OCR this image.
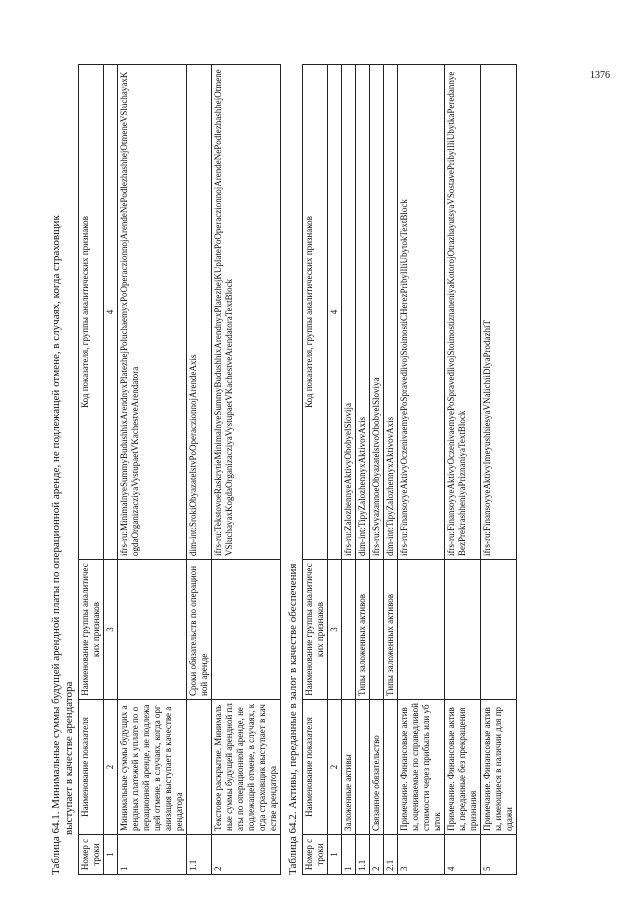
1376

Таблица 64.1. Минимальные суммы будущей арендной платы по операционной аренде, не подлежащей отмене, в случаях, когда страховщик выступает в качестве арендатора

Номер строки	Наименование показателя	Наименование группы аналитических признаков	Код показателя, группы аналитических признаков
1	2	3	4
1	Минимальные суммы будущих арендных платежей к уплате по операционной аренде, не подлежащей отмене, в случаях, когда организация выступает в качестве арендатора		ifrs-ru:MinimalnyeSummyBudushhixArendnyxPlatezhejPoluchaemyxPoOperaczionnojArendeNePodlezhashhejOtmeneVSluchayaxKogdaOrganizacziyaVystupaetVKachestveArendatora
1.1		Сроки обязательств по операционной аренде	dim-int:SrokiObyazatelstvPoOperaczionnojArendeAxis
2	Текстовое раскрытие. Минимальные суммы будущей арендной платы по операционной аренде, не подлежащей отмене, в случаях, когда страховщик выступает в качестве арендатора		ifrs-ru:TekstovoeRaskrytieMinimalnyeSummyBudushhixArendnyxPlatezhejKUplatePoOperaczionnojArendeNePodlezhashhejOtmeneVSluchayaxKogdaOrganizacziyaVystupaetVKachestveArendatoraTextBlock

Таблица 64.2. Активы, переданные в залог в качестве обеспечения Номер строки	Наименование показателя	Наименование группы аналитических признаков	Код показателя, группы аналитических признаков
1	2	3	4
1	Заложенные активы		ifrs-ru:ZalozhennyeAktivyObobyelSlovija
1.1		Типы заложенных активов	dim-int:TipyZalozhennyxAktivovAxis
2	Связанное обязательство		ifrs-ru:SvyazannoeObyazatelstvoObobyelSloviya
2.1		Типы заложенных активов	dim-int:TipyZalozhennyxAktivovAxis
3	Примечание. Финансовые активы, оцениваемые по справедливой стоимости через прибыль или убыток		ifrs-ru:FinansoyyeAktivyOczenivaemyePoSpravedlivojStoimostiCHerezPribylIliUbytokTextBlock
4	Примечание. Финансовые активы, переданные без прекращения признания		ifrs-ru:FinansoyyeAktivyOczenivaemyePoSpravedlivojStoimostiznaneniyaKotorojOtrazhayutsyaVSostavePribylIliUbytkaPeredannyeBezPrekrashheniyaPriznaniyaTextBlock
5	Примечание. Финансовые активы, имеющиеся в наличии для продажи		ifrs-ru:FinansoyyeAktivyImeyushhiesyaVNalichiiDlyaProdazhiT
